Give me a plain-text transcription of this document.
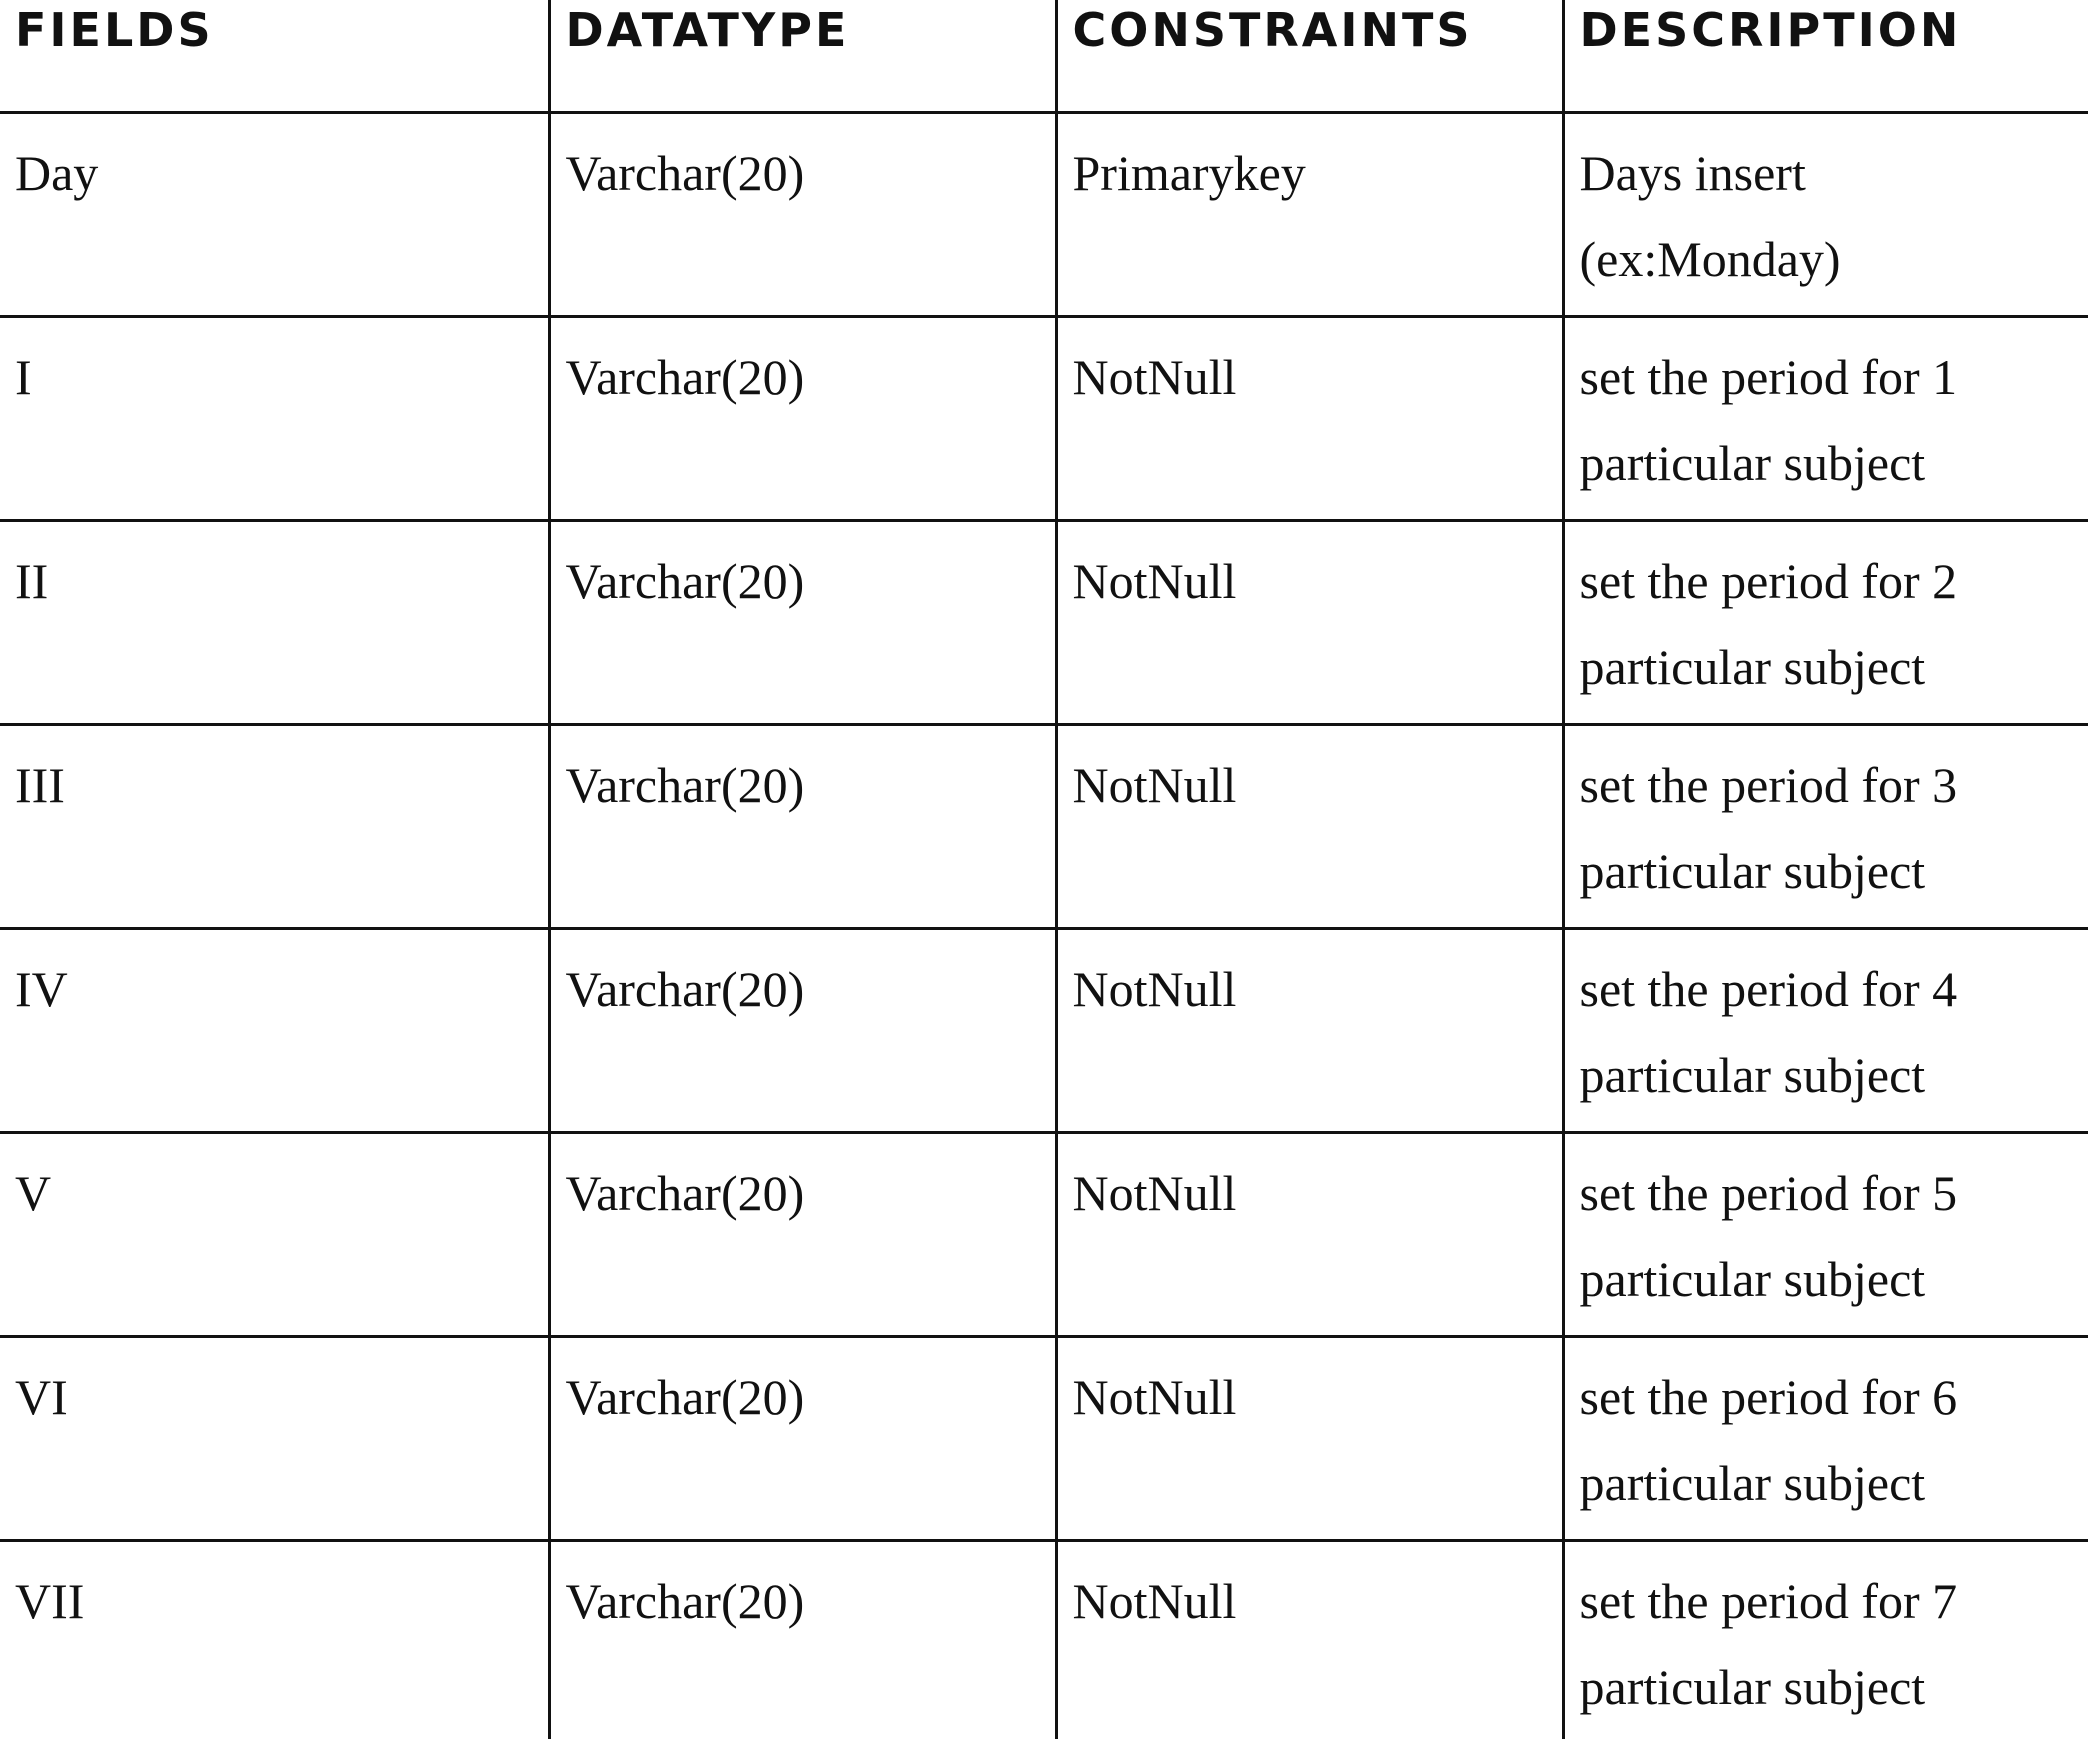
FIELDS	DATATYPE	CONSTRAINTS	DESCRIPTION
Day	Varchar(20)	Primarykey	Days insert (ex:Monday)
I	Varchar(20)	NotNull	set the period for 1 particular subject
II	Varchar(20)	NotNull	set the period for 2 particular subject
III	Varchar(20)	NotNull	set the period for 3 particular subject
IV	Varchar(20)	NotNull	set the period for 4 particular subject
V	Varchar(20)	NotNull	set the period for 5 particular subject
VI	Varchar(20)	NotNull	set the period for 6 particular subject
VII	Varchar(20)	NotNull	set the period for 7 particular subject
